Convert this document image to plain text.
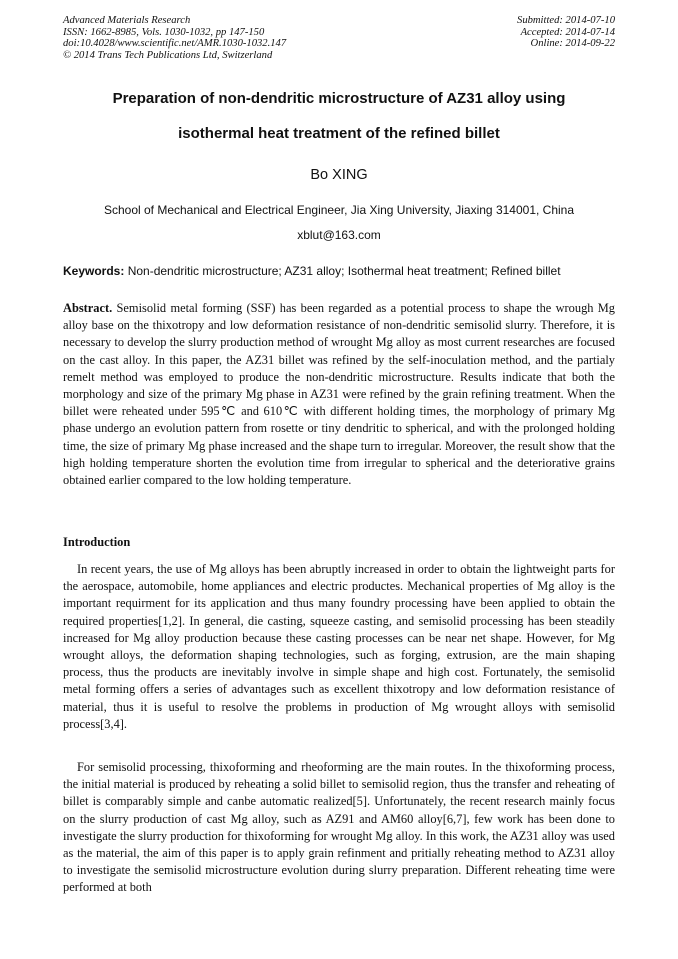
Advanced Materials Research
ISSN: 1662-8985, Vols. 1030-1032, pp 147-150
doi:10.4028/www.scientific.net/AMR.1030-1032.147
© 2014 Trans Tech Publications Ltd, Switzerland
Submitted: 2014-07-10
Accepted: 2014-07-14
Online: 2014-09-22
Preparation of non-dendritic microstructure of AZ31 alloy using
isothermal heat treatment of the refined billet
Bo XING
School of Mechanical and Electrical Engineer, Jia Xing University, Jiaxing 314001, China
xblut@163.com
Keywords: Non-dendritic microstructure; AZ31 alloy; Isothermal heat treatment; Refined billet
Abstract. Semisolid metal forming (SSF) has been regarded as a potential process to shape the wrough Mg alloy base on the thixotropy and low deformation resistance of non-dendritic semisolid slurry. Therefore, it is necessary to develop the slurry production method of wrought Mg alloy as most current researches are focused on the cast alloy. In this paper, the AZ31 billet was refined by the self-inoculation method, and the partialy remelt method was employed to produce the non-dendritic microstructure. Results indicate that both the morphology and size of the primary Mg phase in AZ31 were refined by the grain refining treatment. When the billet were reheated under 595℃ and 610℃ with different holding times, the morphology of primary Mg phase undergo an evolution pattern from rosette or tiny dendritic to spherical, and with the prolonged holding time, the size of primary Mg phase increased and the shape turn to irregular. Moreover, the result show that the high holding temperature shorten the evolution time from irregular to spherical and the deteriorative grains obtained earlier compared to the low holding temperature.
Introduction
In recent years, the use of Mg alloys has been abruptly increased in order to obtain the lightweight parts for the aerospace, automobile, home appliances and electric productes. Mechanical properties of Mg alloy is the important requirment for its application and thus many foundry processing have been applied to obtain the required properties[1,2]. In general, die casting, squeeze casting, and semisolid processing has been steadily increased for Mg alloy production because these casting processes can be near net shape. However, for Mg wrought alloys, the deformation shaping technologies, such as forging, extrusion, are the main shaping process, thus the products are inevitably involve in simple shape and high cost. Fortunately, the semisolid metal forming offers a series of advantages such as excellent thixotropy and low deformation resistance of material, thus it is useful to resolve the problems in production of Mg wrought alloys with semisolid process[3,4].
For semisolid processing, thixoforming and rheoforming are the main routes. In the thixoforming process, the initial material is produced by reheating a solid billet to semisolid region, thus the transfer and reheating of billet is comparably simple and canbe automatic realized[5]. Unfortunately, the recent research mainly focus on the slurry production of cast Mg alloy, such as AZ91 and AM60 alloy[6,7], few work has been done to investigate the slurry production for thixoforming for wrought Mg alloy. In this work, the AZ31 alloy was used as the material, the aim of this paper is to apply grain refinment and pritially reheating method to AZ31 alloy to investigate the semisolid microstructure evolution during slurry preparation. Different reheating time were performed at both
